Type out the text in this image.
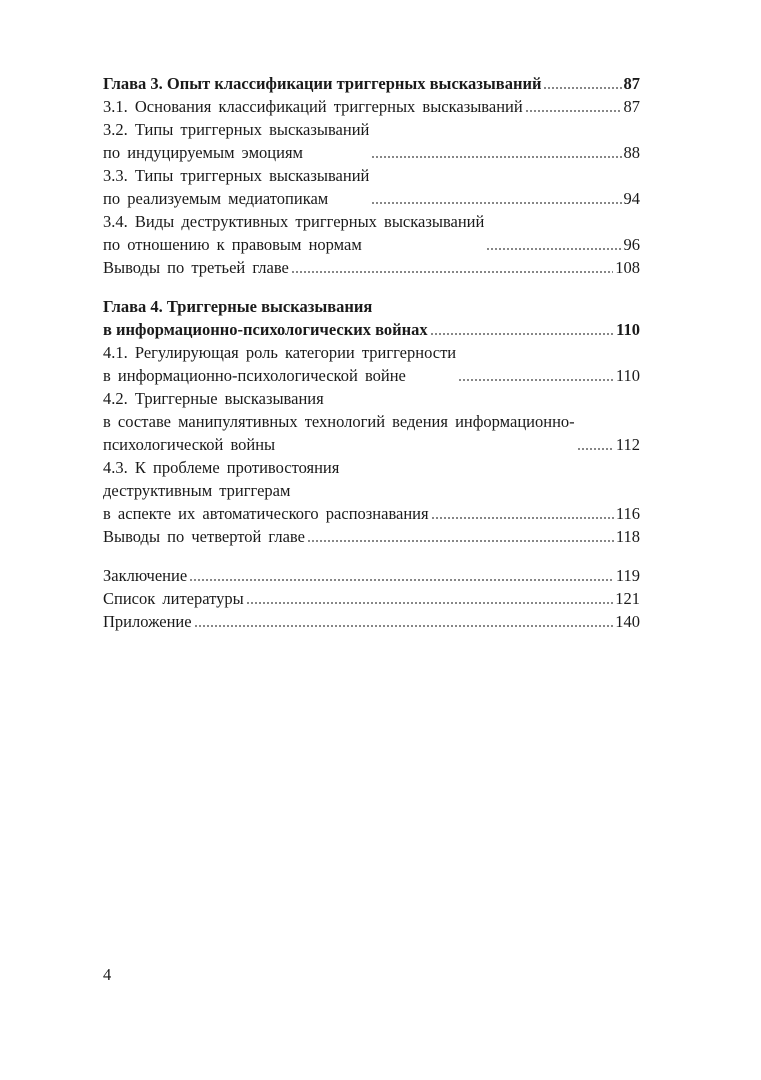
Глава 3. Опыт классификации триггерных высказываний	87
3.1. Основания классификаций триггерных высказываний	87
3.2. Типы триггерных высказываний
по индуцируемым эмоциям	88
3.3. Типы триггерных высказываний
по реализуемым медиатопикам	94
3.4. Виды деструктивных триггерных высказываний
по отношению к правовым нормам	96
Выводы по третьей главе	108
Глава 4. Триггерные высказывания
в информационно-психологических войнах	110
4.1. Регулирующая роль категории триггерности
в информационно-психологической войне	110
4.2. Триггерные высказывания
в составе манипулятивных технологий ведения информационно-
психологической войны	112
4.3. К проблеме противостояния
деструктивным триггерам
в аспекте их автоматического распознавания	116
Выводы по четвертой главе	118
Заключение	119
Список литературы	121
Приложение	140
4
